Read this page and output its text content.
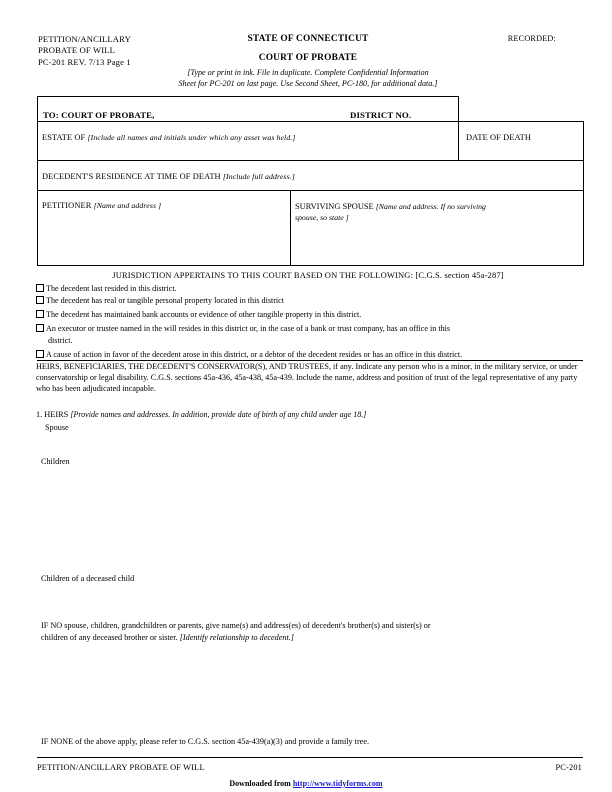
PETITION/ANCILLARY
PROBATE OF WILL
PC-201 REV. 7/13 Page 1
STATE OF CONNECTICUT
COURT OF PROBATE
RECORDED:
[Type or print in ink. File in duplicate. Complete Confidential Information
Sheet for PC-201 on last page. Use Second Sheet, PC-180, for additional data.]
TO: COURT OF PROBATE,	DISTRICT NO.
ESTATE OF [Include all names and initials under which any asset was held.]	DATE OF DEATH
DECEDENT'S RESIDENCE AT TIME OF DEATH [Include full address.]
PETITIONER [Name and address ]	SURVIVING SPOUSE [Name and address. If no surviving
spouse, so state ]
JURISDICTION APPERTAINS TO THIS COURT BASED ON THE FOLLOWING: [C.G.S. section 45a-287]
The decedent last resided in this district.
The decedent has real or tangible personal property located in this district
The decedent has maintained bank accounts or evidence of other tangible property in this district.
An executor or trustee named in the will resides in this district or, in the case of a bank or trust company, has an office in this
district.
A cause of action in favor of the decedent arose in this district, or a debtor of the decedent resides or has an office in this district.
HEIRS, BENEFICIARIES, THE DECEDENT'S CONSERVATOR(S), AND TRUSTEES, if any. Indicate any person who is a minor, in the military service, or under conservatorship or legal disability. C.G.S. sections 45a-436, 45a-438, 45a-439. Include the name, address and position of trust of the legal representative of any party who has been adjudicated incapable.
1. HEIRS [Provide names and addresses. In addition, provide date of birth of any child under age 18.]
Spouse
Children
Children of a deceased child
IF NO spouse, children, grandchildren or parents, give name(s) and address(es) of decedent's brother(s) and sister(s) or
children of any deceased brother or sister. [Identify relationship to decedent.]
IF NONE of the above apply, please refer to C.G.S. section 45a-439(a)(3) and provide a family tree.
PETITION/ANCILLARY PROBATE OF WILL	PC-201
Downloaded from http://www.tidyforms.com
